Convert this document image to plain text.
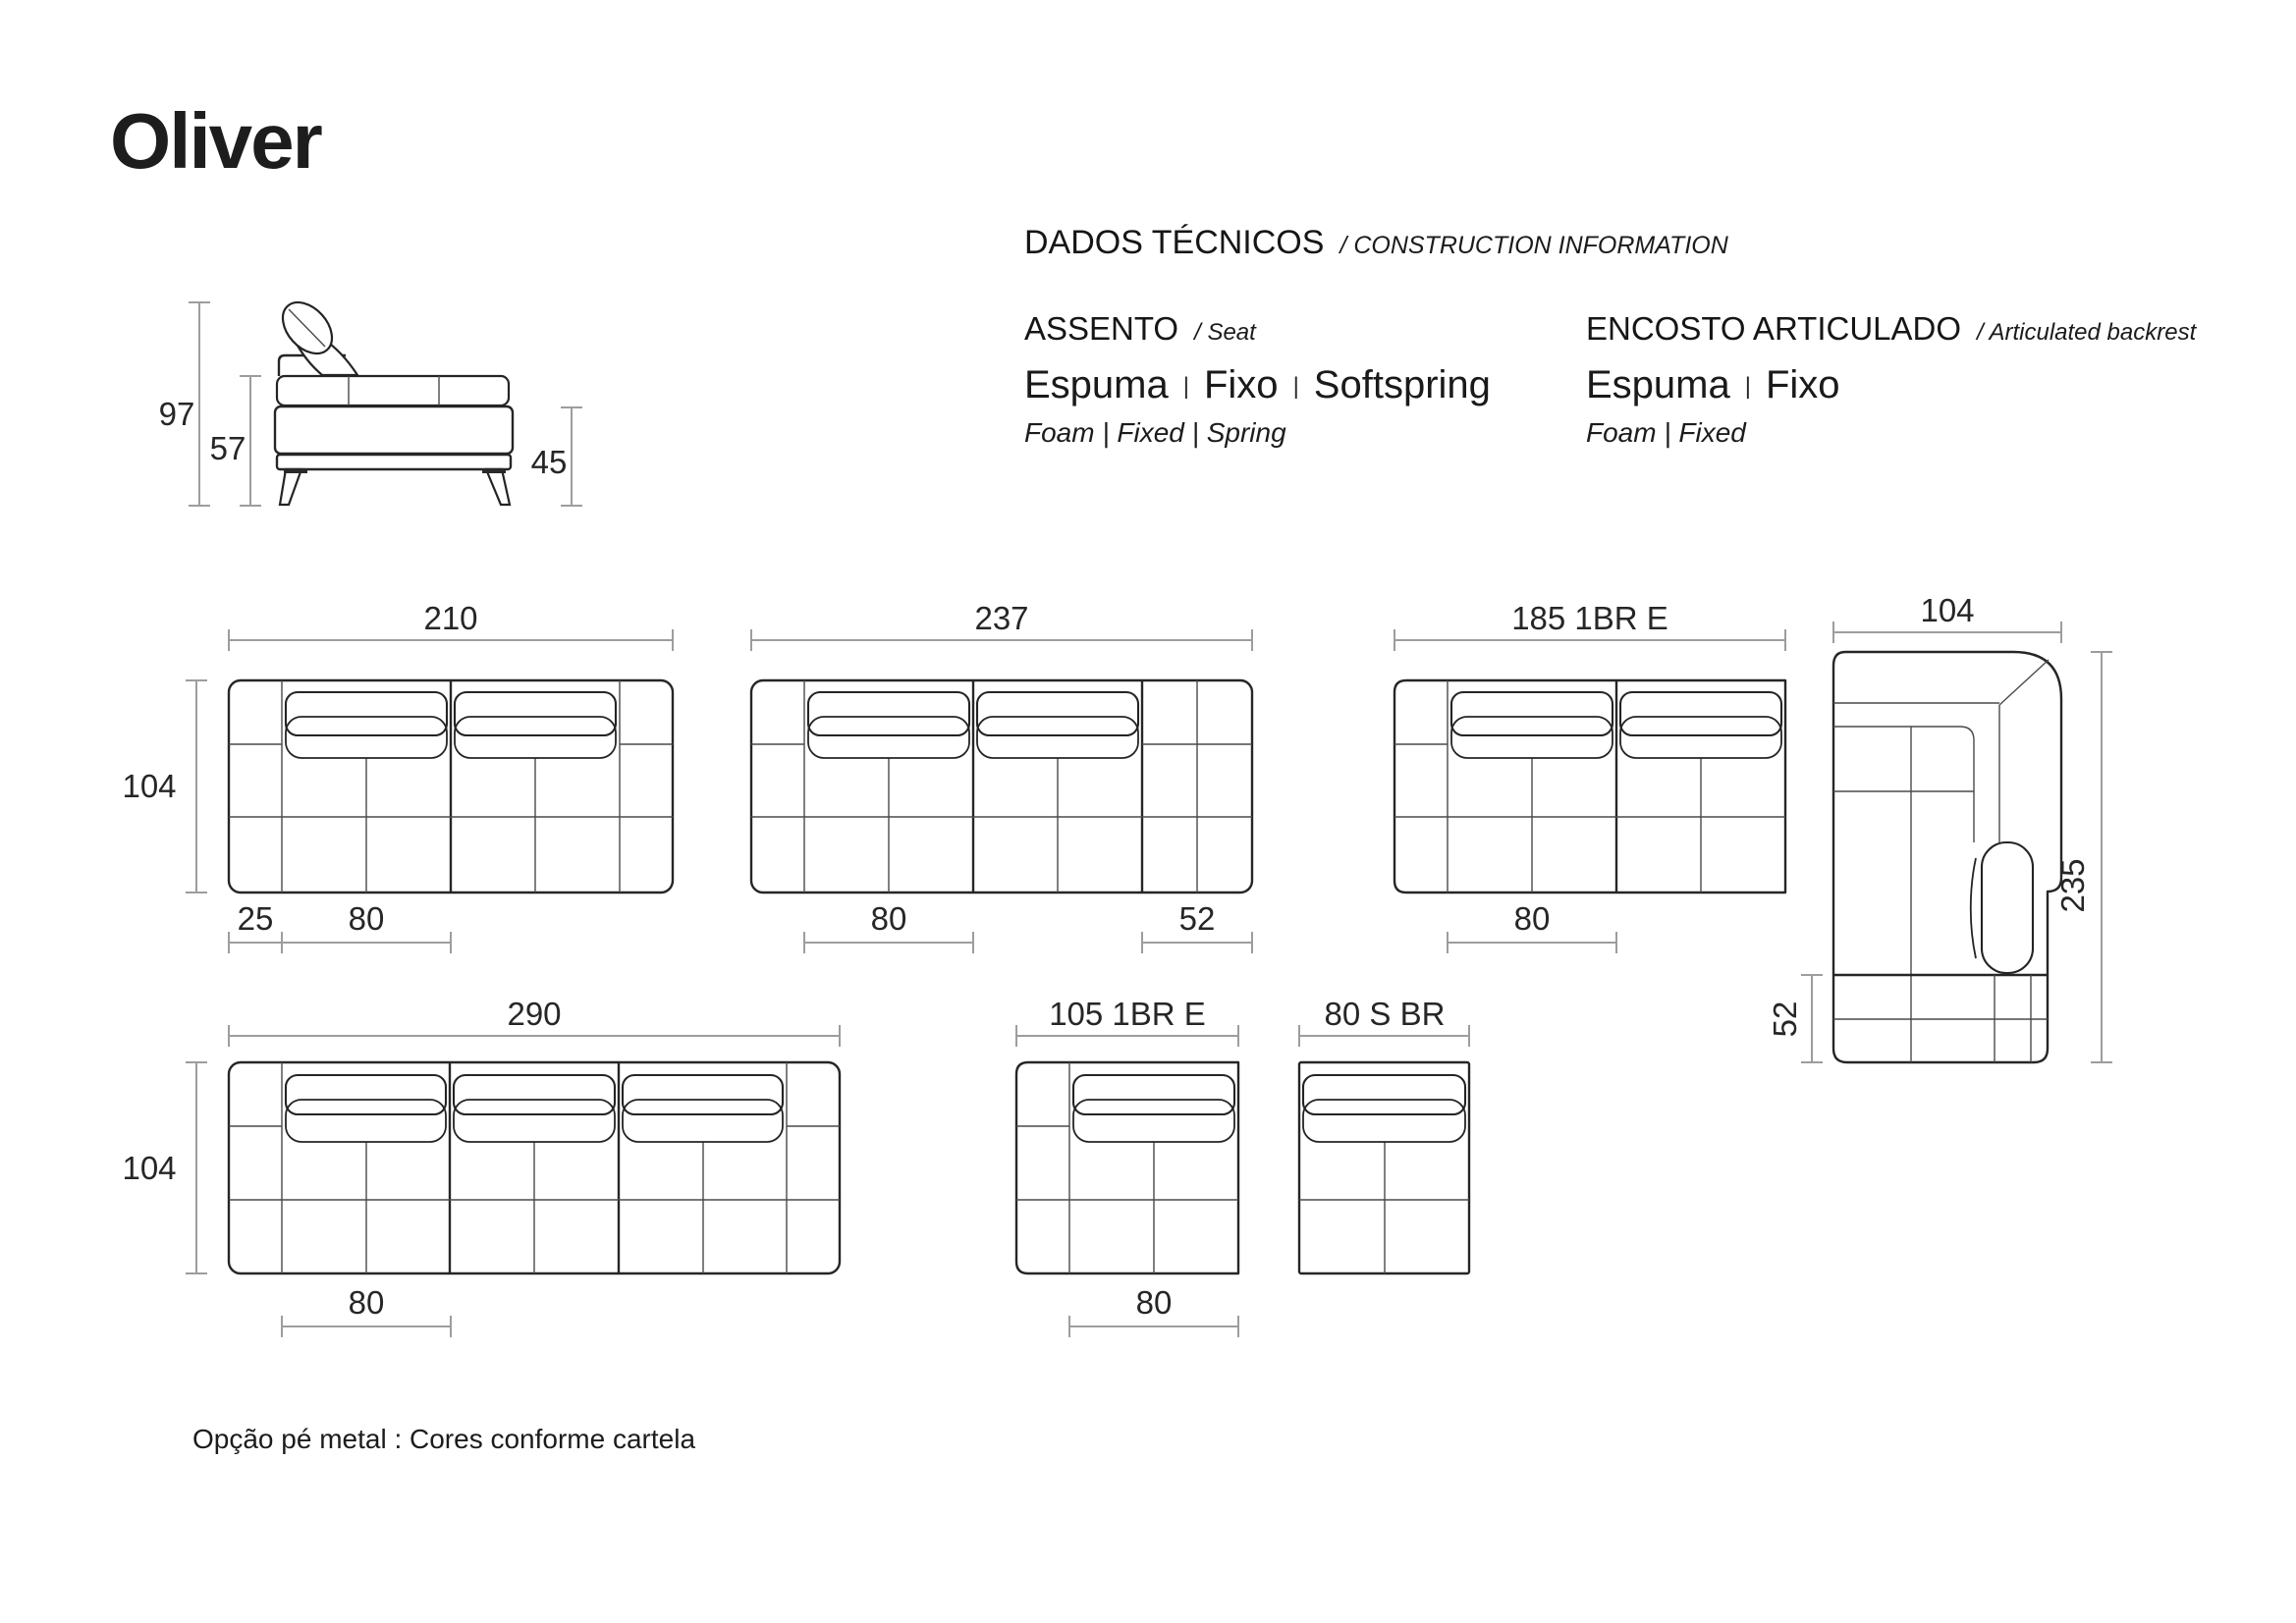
Oliver
DADOS TÉCNICOS / CONSTRUCTION INFORMATION
ASSENTO / Seat
Espuma | Fixo | Softspring
Foam | Fixed | Spring
ENCOSTO ARTICULADO / Articulated backrest
Espuma | Fixo
Foam | Fixed
Opção pé metal : Cores conforme cartela
97
57	45
210
104
25 80
237
80	52
185 1BR E
80
104
235
52
290
104
80
105 1BR E
80
80 S BR
